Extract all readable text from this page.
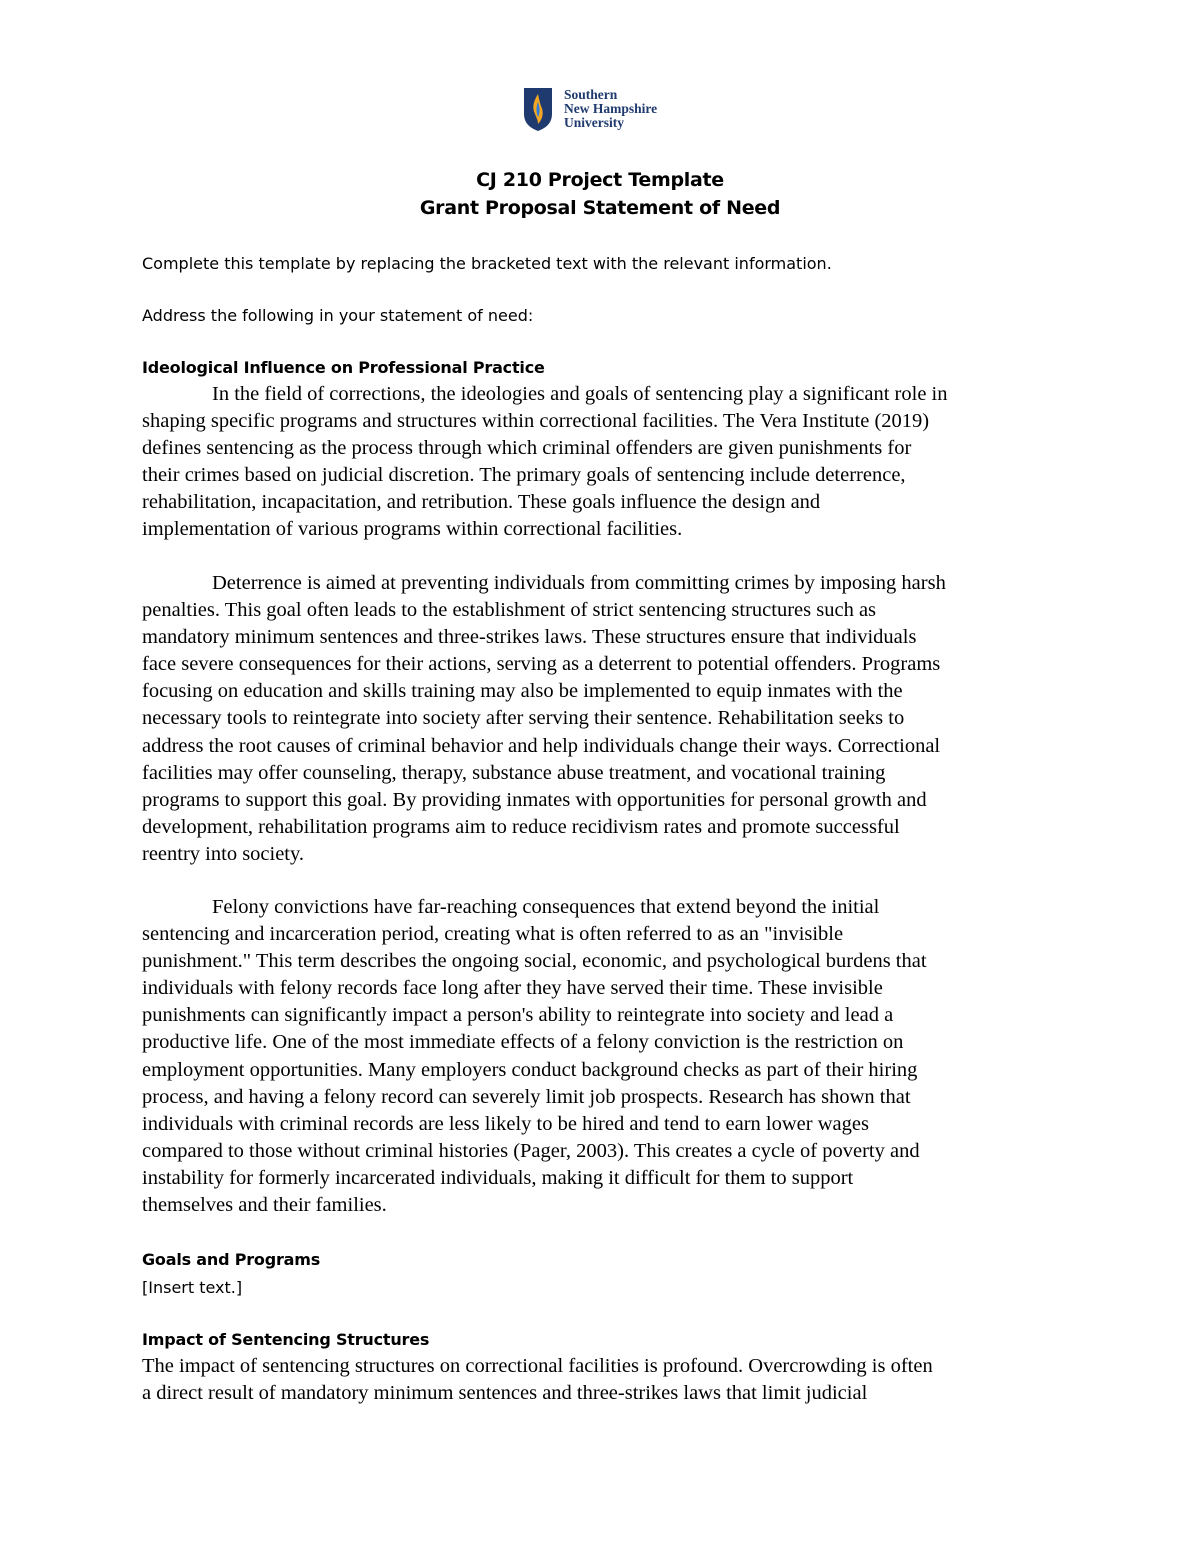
Southern
New Hampshire
University
CJ 210 Project Template
Grant Proposal Statement of Need
Complete this template by replacing the bracketed text with the relevant information.
Address the following in your statement of need:
Ideological Influence on Professional Practice
In the field of corrections, the ideologies and goals of sentencing play a significant role in
shaping specific programs and structures within correctional facilities. The Vera Institute (2019)
defines sentencing as the process through which criminal offenders are given punishments for
their crimes based on judicial discretion. The primary goals of sentencing include deterrence,
rehabilitation, incapacitation, and retribution. These goals influence the design and
implementation of various programs within correctional facilities.
Deterrence is aimed at preventing individuals from committing crimes by imposing harsh
penalties. This goal often leads to the establishment of strict sentencing structures such as
mandatory minimum sentences and three-strikes laws. These structures ensure that individuals
face severe consequences for their actions, serving as a deterrent to potential offenders. Programs
focusing on education and skills training may also be implemented to equip inmates with the
necessary tools to reintegrate into society after serving their sentence. Rehabilitation seeks to
address the root causes of criminal behavior and help individuals change their ways. Correctional
facilities may offer counseling, therapy, substance abuse treatment, and vocational training
programs to support this goal. By providing inmates with opportunities for personal growth and
development, rehabilitation programs aim to reduce recidivism rates and promote successful
reentry into society.
Felony convictions have far-reaching consequences that extend beyond the initial
sentencing and incarceration period, creating what is often referred to as an "invisible
punishment." This term describes the ongoing social, economic, and psychological burdens that
individuals with felony records face long after they have served their time. These invisible
punishments can significantly impact a person's ability to reintegrate into society and lead a
productive life. One of the most immediate effects of a felony conviction is the restriction on
employment opportunities. Many employers conduct background checks as part of their hiring
process, and having a felony record can severely limit job prospects. Research has shown that
individuals with criminal records are less likely to be hired and tend to earn lower wages
compared to those without criminal histories (Pager, 2003). This creates a cycle of poverty and
instability for formerly incarcerated individuals, making it difficult for them to support
themselves and their families.
Goals and Programs
[Insert text.]
Impact of Sentencing Structures
The impact of sentencing structures on correctional facilities is profound. Overcrowding is often
a direct result of mandatory minimum sentences and three-strikes laws that limit judicial
